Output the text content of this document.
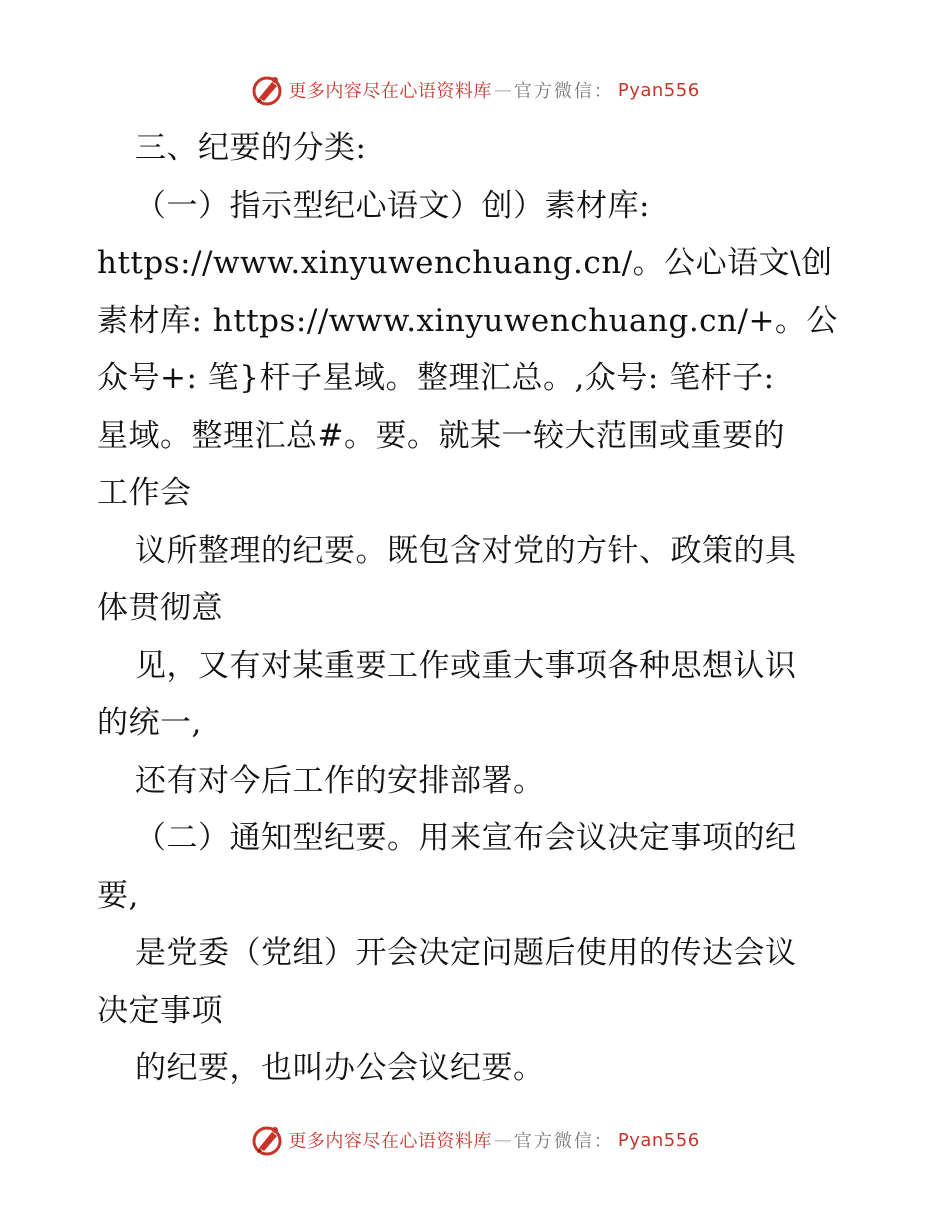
更多内容尽在心语资料库 — 官方微信： Pyan556
三、纪要的分类:
（一）指示型纪心语文）创）素材库:
https://www.xinyuwenchuang.cn/。公心语文\创
素材库: https://www.xinyuwenchuang.cn/+。公
众号+: 笔}杆子星域。整理汇总。,众号: 笔杆子:
星域。整理汇总#。要。就某一较大范围或重要的
工作会
议所整理的纪要。既包含对党的方针、政策的具
体贯彻意
见，又有对某重要工作或重大事项各种思想认识
的统一,
还有对今后工作的安排部署。
（二）通知型纪要。用来宣布会议决定事项的纪
要,
是党委（党组）开会决定问题后使用的传达会议
决定事项
的纪要，也叫办公会议纪要。
更多内容尽在心语资料库 — 官方微信： Pyan556
